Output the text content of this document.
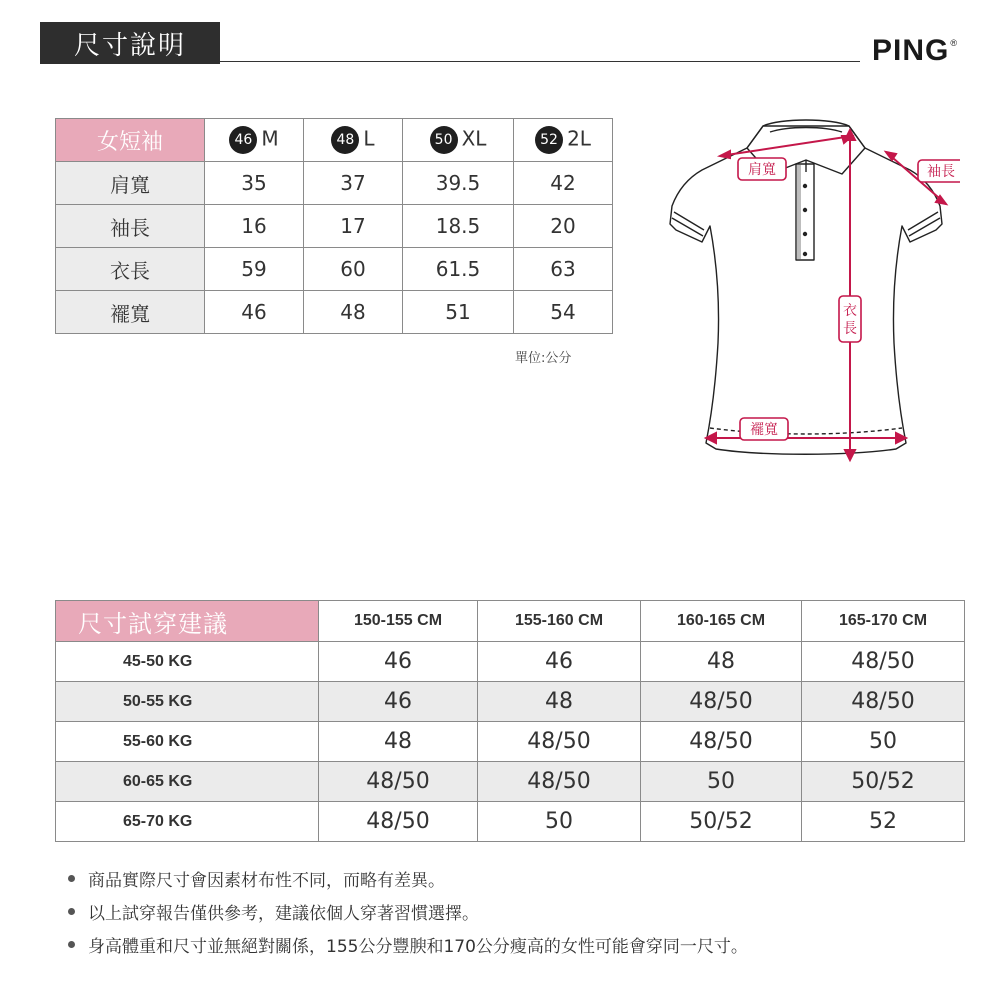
尺寸說明	PING®
女短袖	46 M	48 L	50 XL	52 2L
肩寬	35	37	39.5	42
袖長	16	17	18.5	20
衣長	59	60	61.5	63
襬寬	46	48	51	54
單位:公分
肩寬	袖長
衣
長
襬寬
尺寸試穿建議	150-155 CM	155-160 CM	160-165 CM	165-170 CM
45-50 KG	46	46	48	48/50
50-55 KG	46	48	48/50	48/50
55-60 KG	48	48/50	48/50	50
60-65 KG	48/50	48/50	50	50/52
65-70 KG	48/50	50	50/52	52
商品實際尺寸會因素材布性不同，而略有差異。
以上試穿報告僅供參考，建議依個人穿著習慣選擇。
身高體重和尺寸並無絕對關係，155公分豐腴和170公分瘦高的女性可能會穿同一尺寸。
